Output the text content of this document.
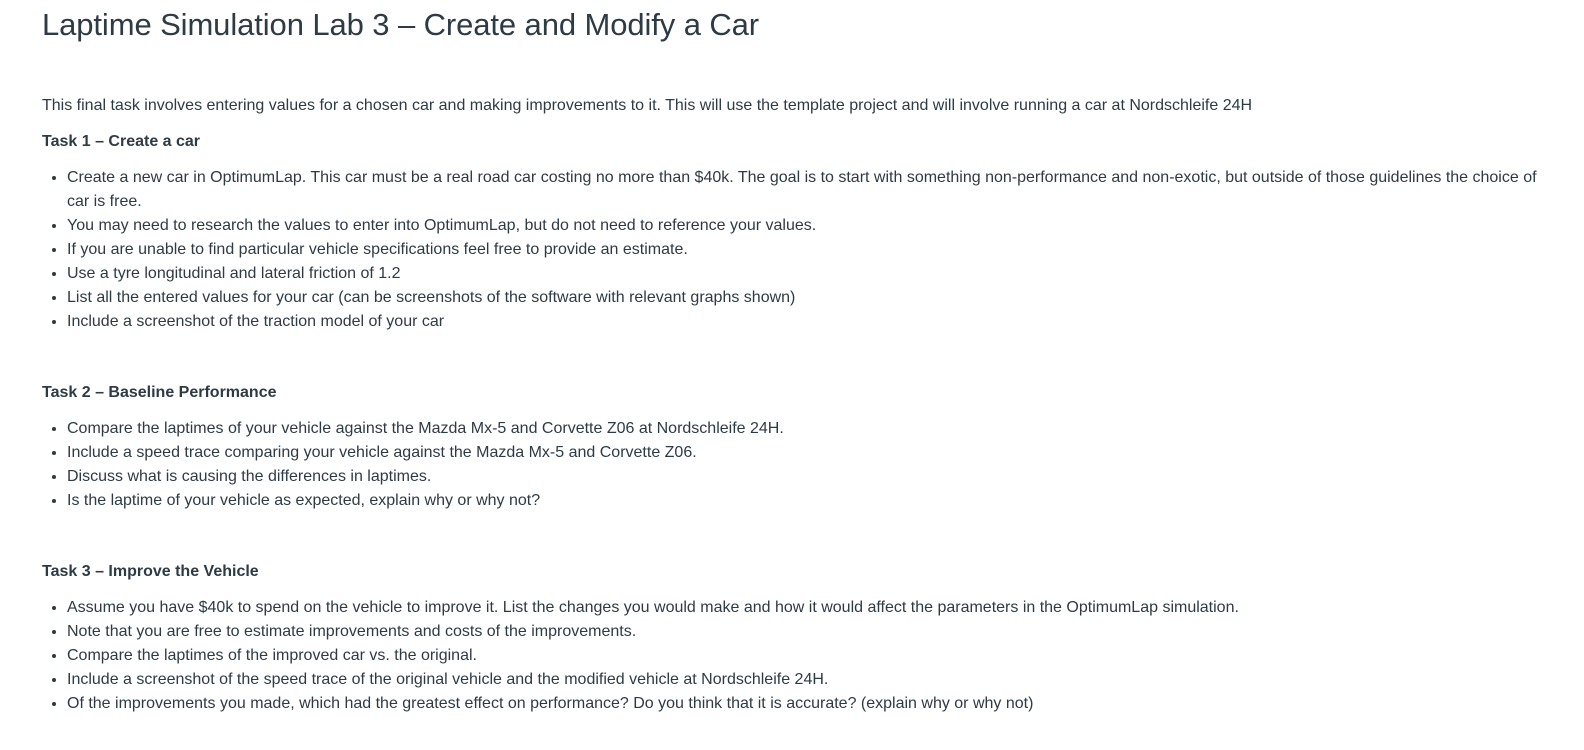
Laptime Simulation Lab 3 – Create and Modify a Car

This final task involves entering values for a chosen car and making improvements to it. This will use the template project and will involve running a car at Nordschleife 24H

Task 1 – Create a car
• Create a new car in OptimumLap. This car must be a real road car costing no more than $40k. The goal is to start with something non-performance and non-exotic, but outside of those guidelines the choice of car is free.
• You may need to research the values to enter into OptimumLap, but do not need to reference your values.
• If you are unable to find particular vehicle specifications feel free to provide an estimate.
• Use a tyre longitudinal and lateral friction of 1.2
• List all the entered values for your car (can be screenshots of the software with relevant graphs shown)
• Include a screenshot of the traction model of your car
Task 2 – Baseline Performance
• Compare the laptimes of your vehicle against the Mazda Mx-5 and Corvette Z06 at Nordschleife 24H.
• Include a speed trace comparing your vehicle against the Mazda Mx-5 and Corvette Z06.
• Discuss what is causing the differences in laptimes.
• Is the laptime of your vehicle as expected, explain why or why not?
Task 3 – Improve the Vehicle
• Assume you have $40k to spend on the vehicle to improve it. List the changes you would make and how it would affect the parameters in the OptimumLap simulation.
• Note that you are free to estimate improvements and costs of the improvements.
• Compare the laptimes of the improved car vs. the original.
• Include a screenshot of the speed trace of the original vehicle and the modified vehicle at Nordschleife 24H.
• Of the improvements you made, which had the greatest effect on performance? Do you think that it is accurate? (explain why or why not)
